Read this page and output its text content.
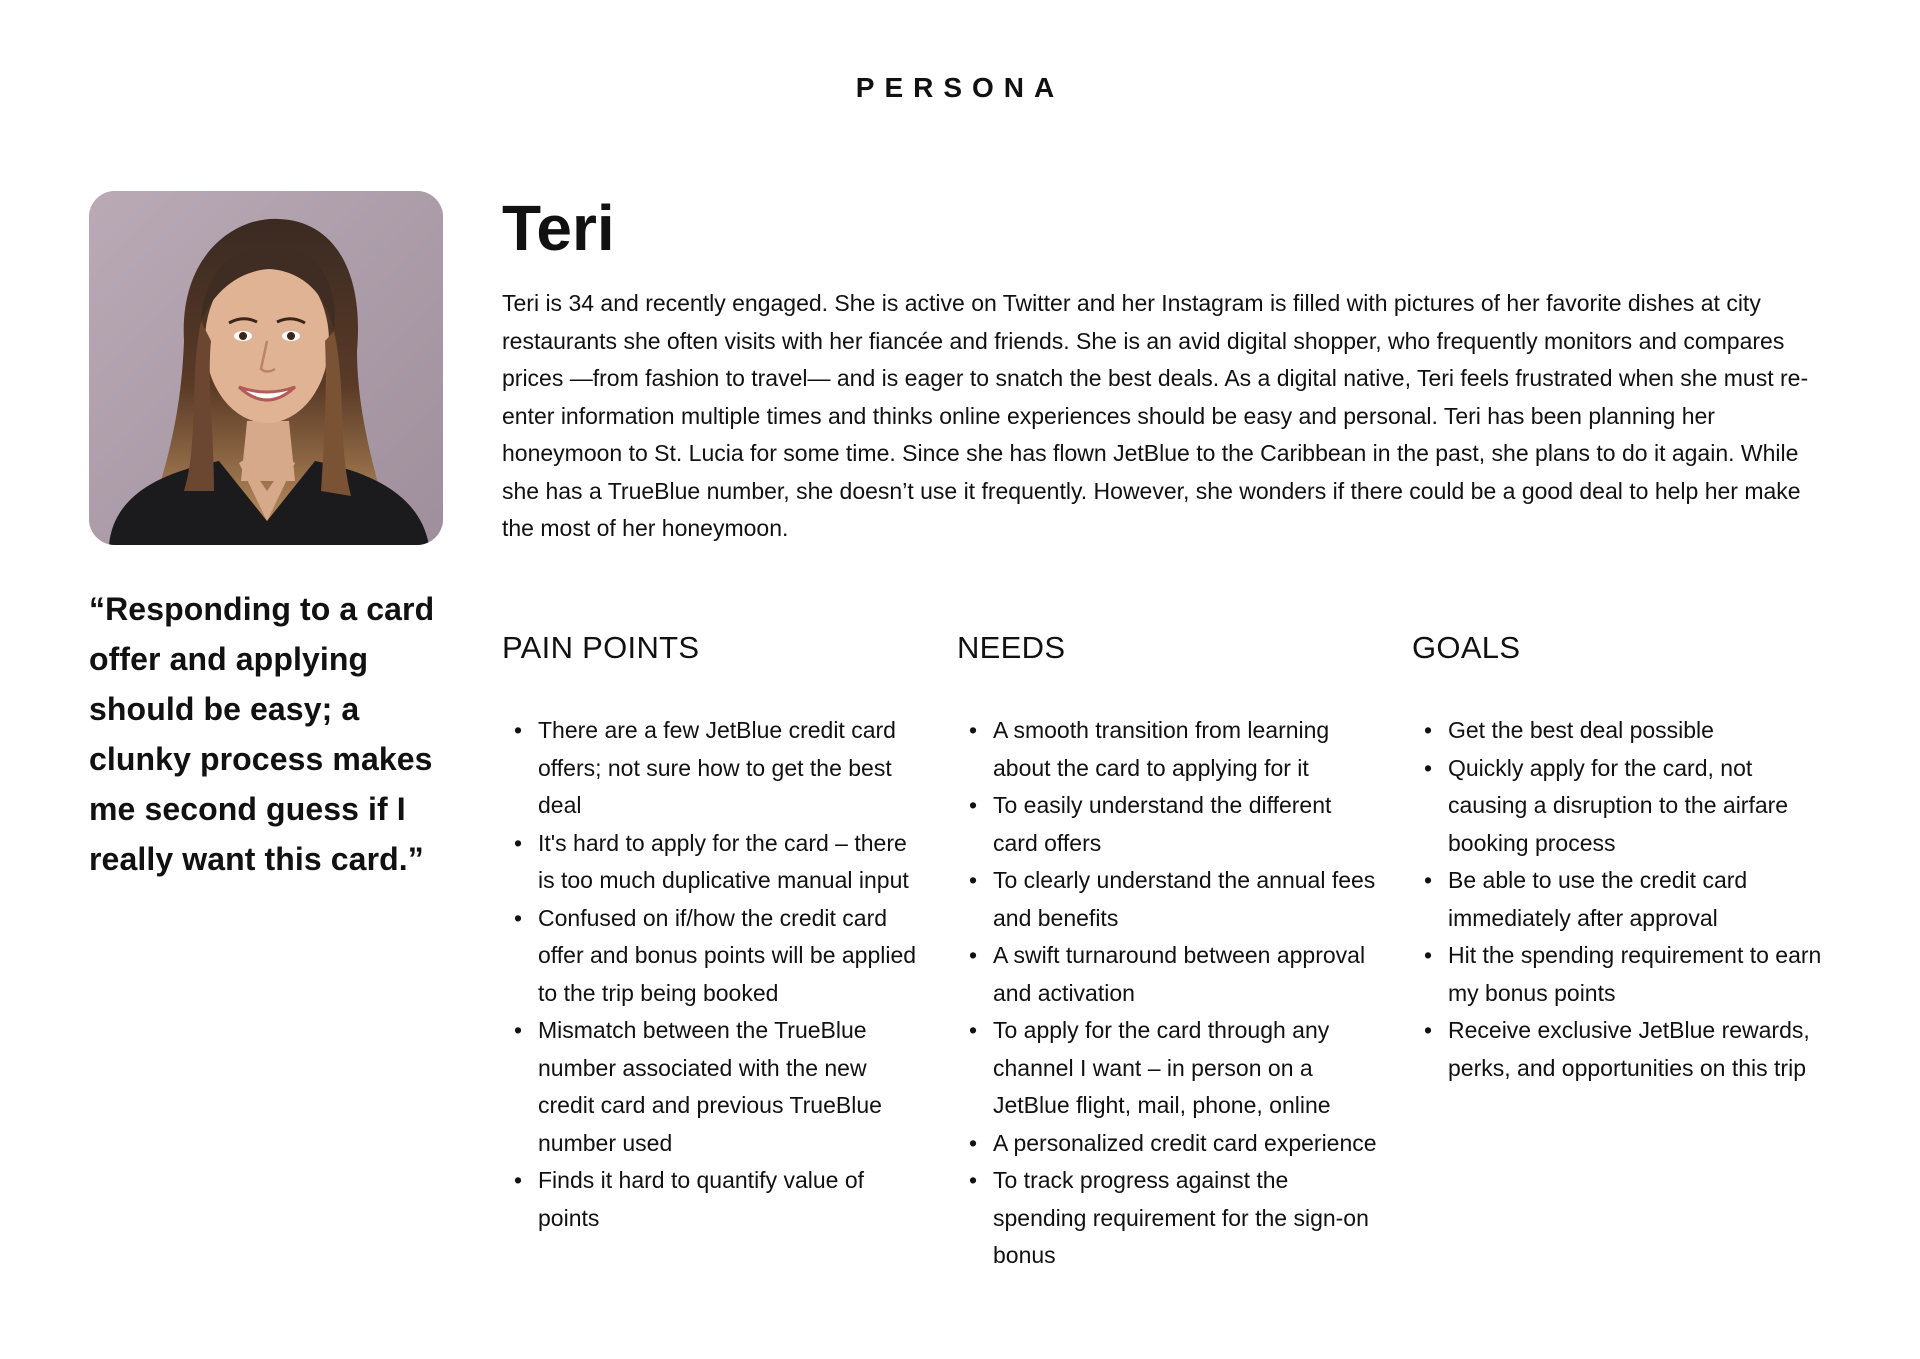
PERSONA

“Responding to a card offer and applying should be easy; a clunky process makes me second guess if I really want this card.”

Teri

Teri is 34 and recently engaged. She is active on Twitter and her Instagram is filled with pictures of her favorite dishes at city restaurants she often visits with her fiancée and friends. She is an avid digital shopper, who frequently monitors and compares prices —from fashion to travel— and is eager to snatch the best deals. As a digital native, Teri feels frustrated when she must re-enter information multiple times and thinks online experiences should be easy and personal. Teri has been planning her honeymoon to St. Lucia for some time. Since she has flown JetBlue to the Caribbean in the past, she plans to do it again. While she has a TrueBlue number, she doesn’t use it frequently. However, she wonders if there could be a good deal to help her make the most of her honeymoon.

PAIN POINTS
• There are a few JetBlue credit card offers; not sure how to get the best deal
• It's hard to apply for the card – there is too much duplicative manual input
• Confused on if/how the credit card offer and bonus points will be applied to the trip being booked
• Mismatch between the TrueBlue number associated with the new credit card and previous TrueBlue number used
• Finds it hard to quantify value of points
NEEDS
• A smooth transition from learning about the card to applying for it
• To easily understand the different card offers
• To clearly understand the annual fees and benefits
• A swift turnaround between approval and activation
• To apply for the card through any channel I want – in person on a JetBlue flight, mail, phone, online
• A personalized credit card experience
• To track progress against the spending requirement for the sign-on bonus
GOALS
• Get the best deal possible
• Quickly apply for the card, not causing a disruption to the airfare booking process
• Be able to use the credit card immediately after approval
• Hit the spending requirement to earn my bonus points
• Receive exclusive JetBlue rewards, perks, and opportunities on this trip
